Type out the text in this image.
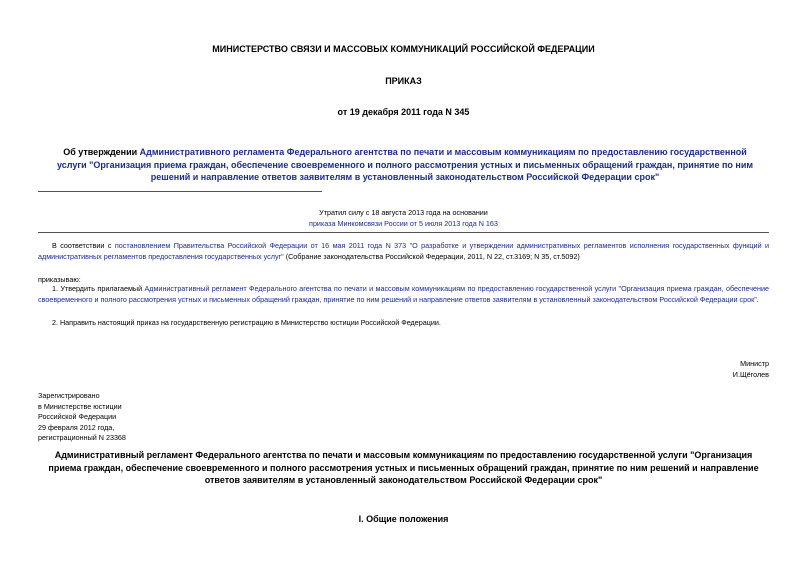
МИНИСТЕРСТВО СВЯЗИ И МАССОВЫХ КОММУНИКАЦИЙ РОССИЙСКОЙ ФЕДЕРАЦИИ
ПРИКАЗ
от 19 декабря 2011 года N 345
Об утверждении Административного регламента Федерального агентства по печати и массовым коммуникациям по предоставлению государственной услуги "Организация приема граждан, обеспечение своевременного и полного рассмотрения устных и письменных обращений граждан, принятие по ним решений и направление ответов заявителям в установленный законодательством Российской Федерации срок"
Утратил силу с 18 августа 2013 года на основании
приказа Минкомсвязи России от 5 июля 2013 года N 163
В соответствии с постановлением Правительства Российской Федерации от 16 мая 2011 года N 373 "О разработке и утверждении административных регламентов исполнения государственных функций и административных регламентов предоставления государственных услуг" (Собрание законодательства Российской Федерации, 2011, N 22, ст.3169; N 35, ст.5092)
приказываю:
1. Утвердить прилагаемый Административный регламент Федерального агентства по печати и массовым коммуникациям по предоставлению государственной услуги "Организация приема граждан, обеспечение своевременного и полного рассмотрения устных и письменных обращений граждан, принятие по ним решений и направление ответов заявителям в установленный законодательством Российской Федерации срок".
2. Направить настоящий приказ на государственную регистрацию в Министерство юстиции Российской Федерации.
Министр
И.Щёголев
Зарегистрировано
в Министерстве юстиции
Российской Федерации
29 февраля 2012 года,
регистрационный N 23368
Административный регламент Федерального агентства по печати и массовым коммуникациям по предоставлению государственной услуги "Организация приема граждан, обеспечение своевременного и полного рассмотрения устных и письменных обращений граждан, принятие по ним решений и направление ответов заявителям в установленный законодательством Российской Федерации срок"
I. Общие положения
